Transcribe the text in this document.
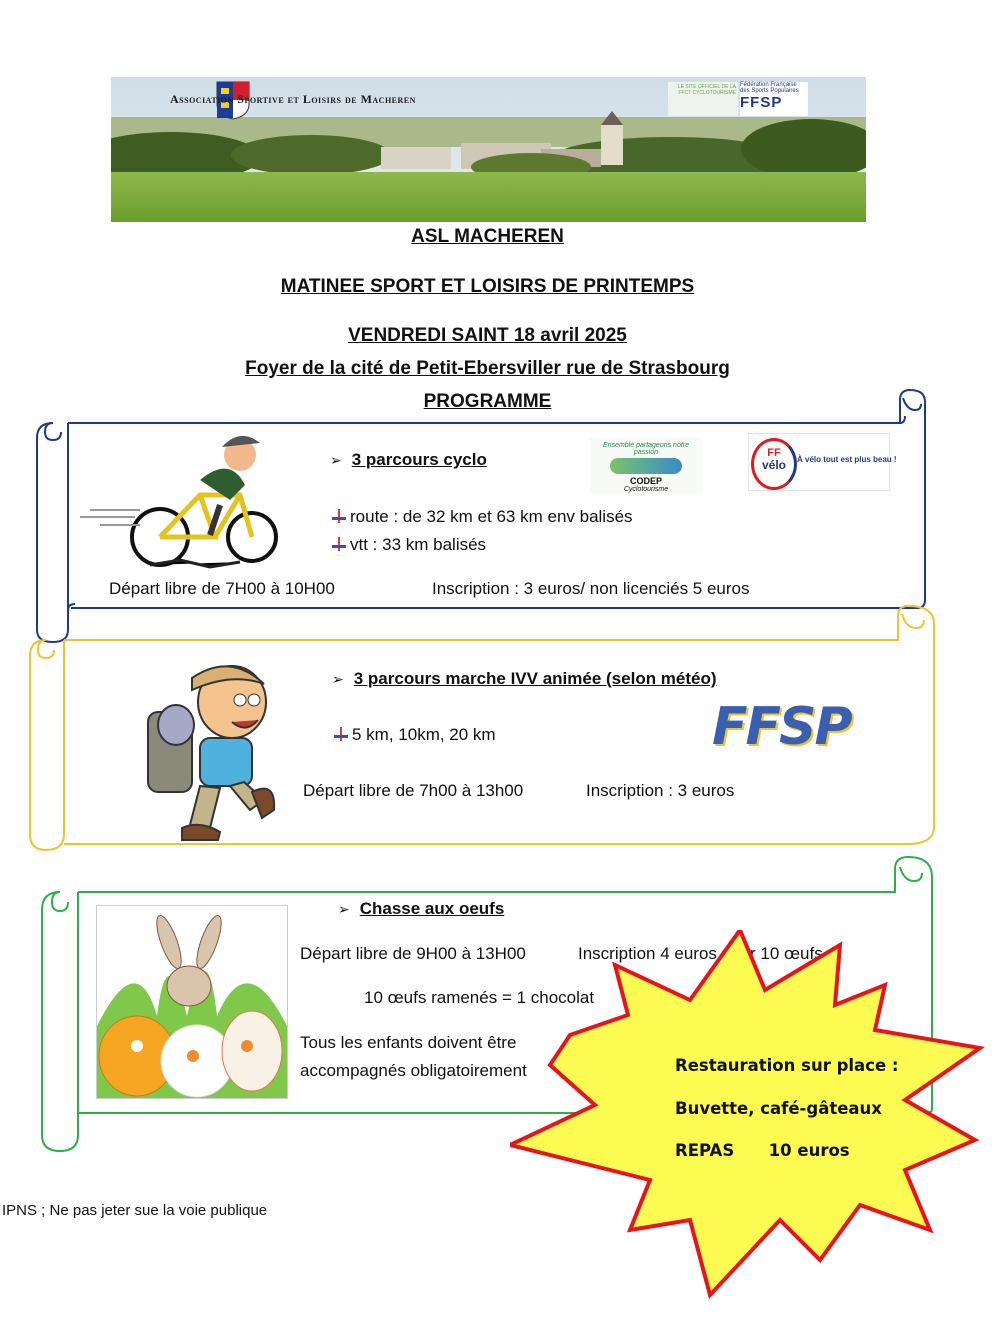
Association Sportive et Loisirs de Macheren
LE SITE OFFICIEL DE LA FFCT CYCLOTOURISME
Fédération Française des Sports Populaires
FFSP
ASL MACHEREN
MATINEE SPORT ET LOISIRS DE PRINTEMPS
VENDREDI SAINT 18 avril 2025
Foyer de la cité de Petit-Ebersviller rue de Strasbourg
PROGRAMME
➢ 3 parcours cyclo
Ensemble partageons notre passion
CODEP
Cyclotourisme
FF
vélo	À vélo tout est plus beau !
route : de 32 km et 63 km env balisés
vtt : 33 km balisés
Départ libre de 7H00 à 10H00	Inscription : 3 euros/ non licenciés 5 euros
➢ 3 parcours marche IVV animée (selon météo)
5 km, 10km, 20 km	FFSP
Départ libre de 7h00 à 13h00	Inscription : 3 euros
➢ Chasse aux oeufs
Départ libre de 9H00 à 13H00	Inscription 4 euros pour 10 œufs
10 œufs ramenés = 1 chocolat
Tous les enfants doivent être
accompagnés obligatoirement	Restauration sur place :
Buvette, café-gâteaux
REPAS      10 euros
IPNS ; Ne pas jeter sue la voie publique
